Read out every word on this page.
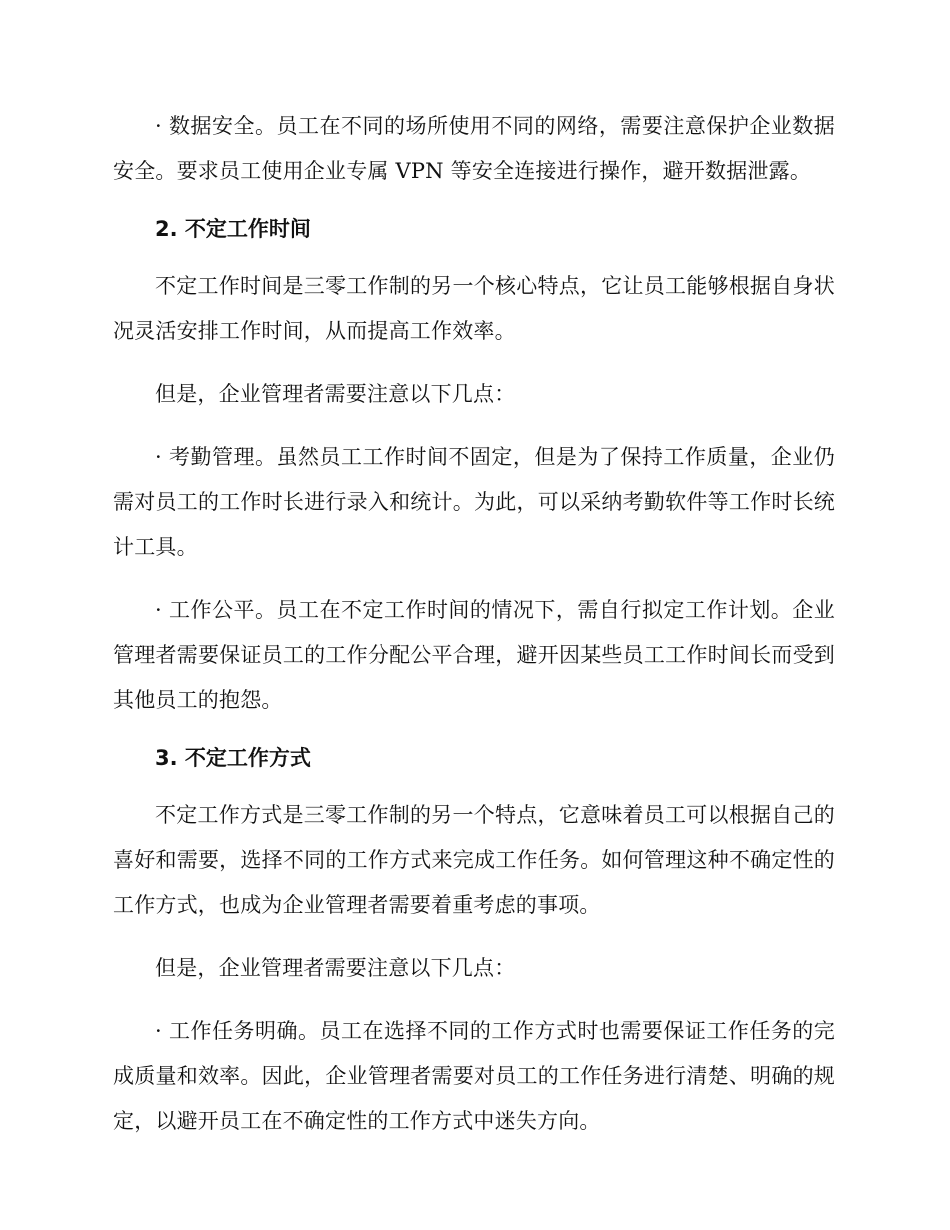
· 数据安全。员工在不同的场所使用不同的网络，需要注意保护企业数据安全。要求员工使用企业专属 VPN 等安全连接进行操作，避开数据泄露。

2. 不定工作时间

不定工作时间是三零工作制的另一个核心特点，它让员工能够根据自身状况灵活安排工作时间，从而提高工作效率。

但是，企业管理者需要注意以下几点：

· 考勤管理。虽然员工工作时间不固定，但是为了保持工作质量，企业仍需对员工的工作时长进行录入和统计。为此，可以采纳考勤软件等工作时长统计工具。

· 工作公平。员工在不定工作时间的情况下，需自行拟定工作计划。企业管理者需要保证员工的工作分配公平合理，避开因某些员工工作时间长而受到其他员工的抱怨。

3. 不定工作方式

不定工作方式是三零工作制的另一个特点，它意味着员工可以根据自己的喜好和需要，选择不同的工作方式来完成工作任务。如何管理这种不确定性的工作方式，也成为企业管理者需要着重考虑的事项。

但是，企业管理者需要注意以下几点：

· 工作任务明确。员工在选择不同的工作方式时也需要保证工作任务的完成质量和效率。因此，企业管理者需要对员工的工作任务进行清楚、明确的规定，以避开员工在不确定性的工作方式中迷失方向。
